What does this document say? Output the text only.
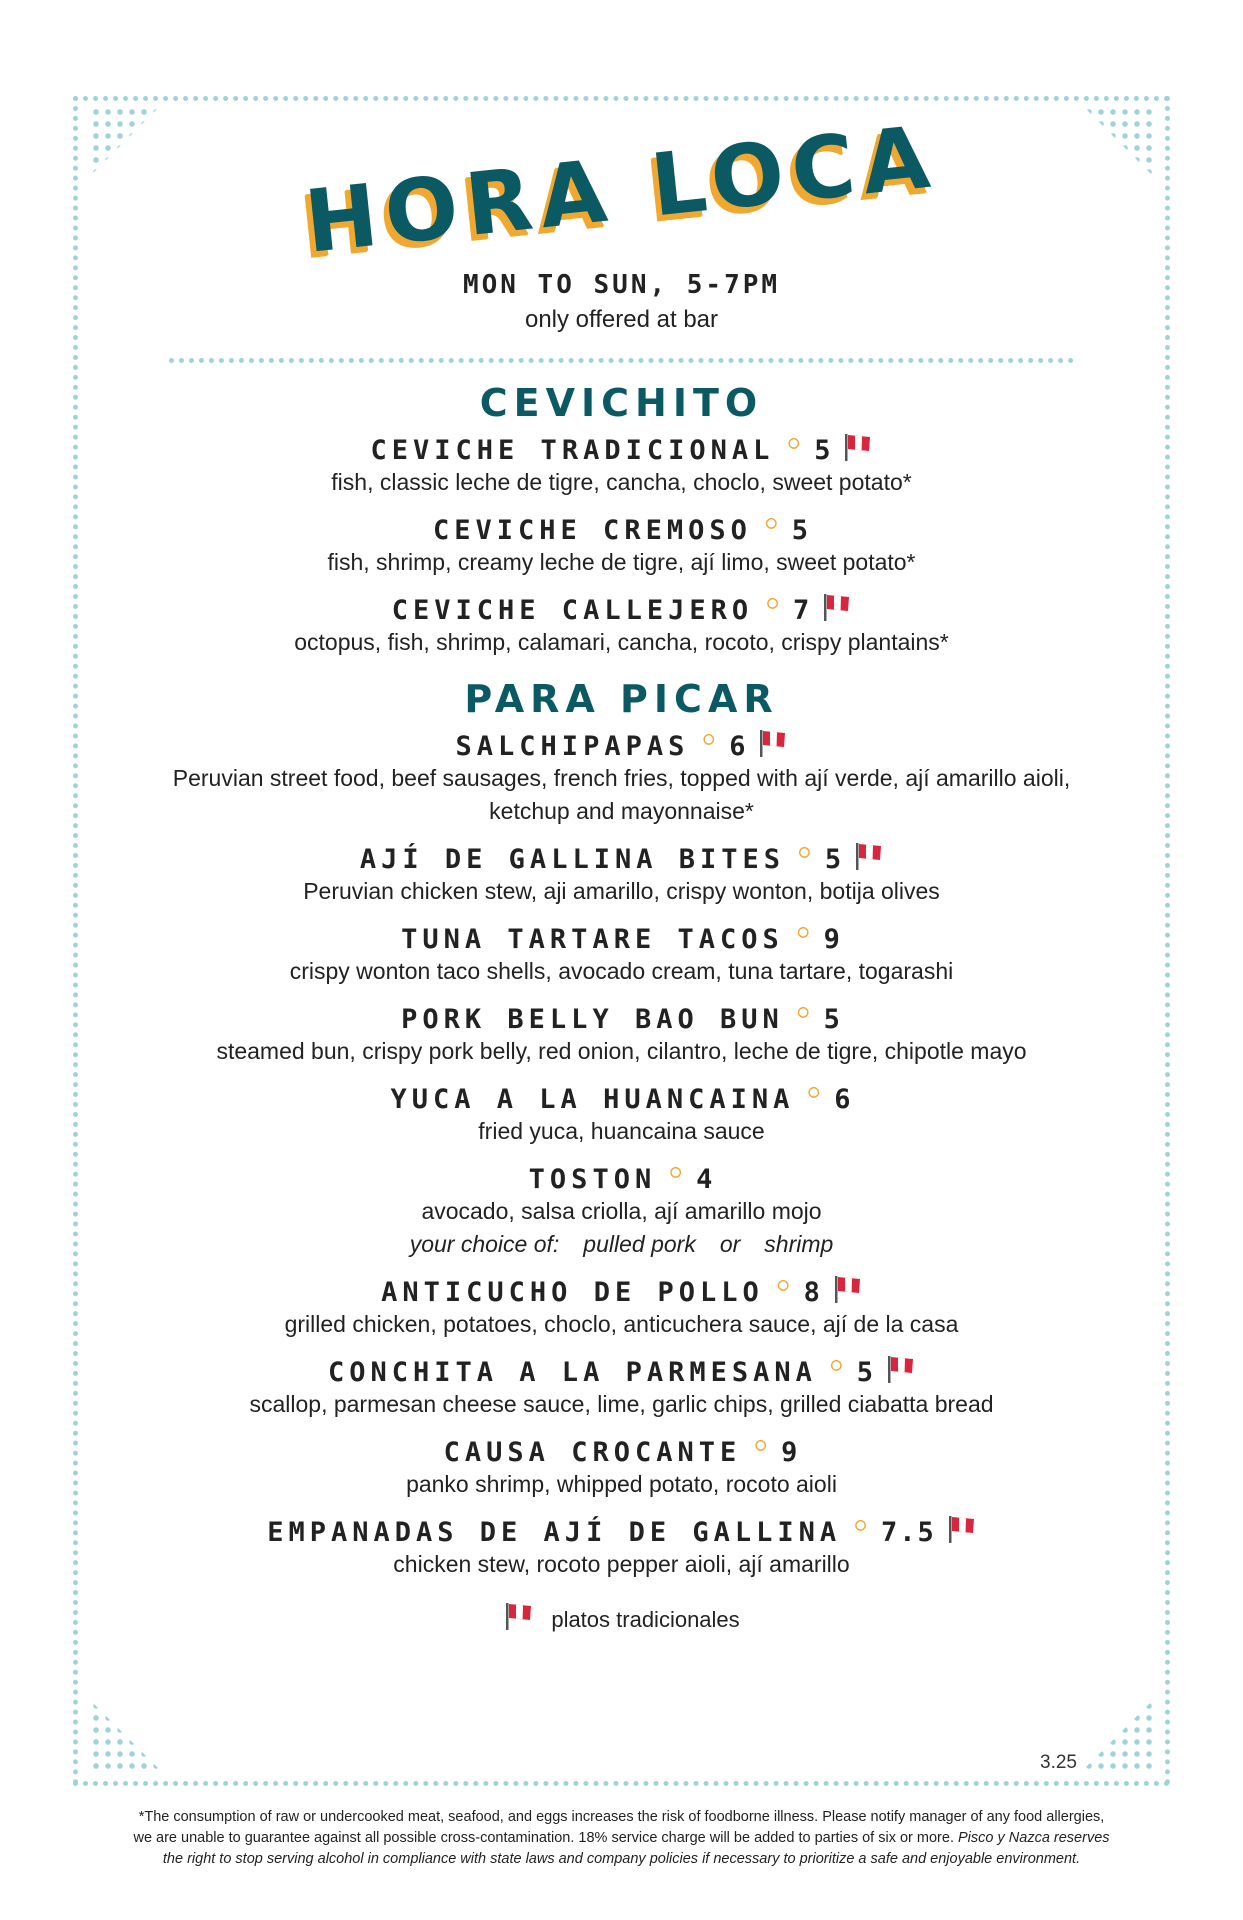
HORA LOCA
MON TO SUN, 5-7PM
only offered at bar
CEVICHITO
CEVICHE TRADICIONAL ○ 5
fish, classic leche de tigre, cancha, choclo, sweet potato*
CEVICHE CREMOSO ○ 5
fish, shrimp, creamy leche de tigre, ají limo, sweet potato*
CEVICHE CALLEJERO ○ 7
octopus, fish, shrimp, calamari, cancha, rocoto, crispy plantains*
PARA PICAR
SALCHIPAPAS ○ 6
Peruvian street food, beef sausages, french fries, topped with ají verde, ají amarillo aioli, ketchup and mayonnaise*
AJÍ DE GALLINA BITES ○ 5
Peruvian chicken stew, aji amarillo, crispy wonton, botija olives
TUNA TARTARE TACOS ○ 9
crispy wonton taco shells, avocado cream, tuna tartare, togarashi
PORK BELLY BAO BUN ○ 5
steamed bun, crispy pork belly, red onion, cilantro, leche de tigre, chipotle mayo
YUCA A LA HUANCAINA ○ 6
fried yuca, huancaina sauce
TOSTON ○ 4
avocado, salsa criolla, ají amarillo mojo
your choice of: pulled pork or shrimp
ANTICUCHO DE POLLO ○ 8
grilled chicken, potatoes, choclo, anticuchera sauce, ají de la casa
CONCHITA A LA PARMESANA ○ 5
scallop, parmesan cheese sauce, lime, garlic chips, grilled ciabatta bread
CAUSA CROCANTE ○ 9
panko shrimp, whipped potato, rocoto aioli
EMPANADAS DE AJÍ DE GALLINA ○ 7.5
chicken stew, rocoto pepper aioli, ají amarillo
platos tradicionales
3.25
*The consumption of raw or undercooked meat, seafood, and eggs increases the risk of foodborne illness. Please notify manager of any food allergies,
we are unable to guarantee against all possible cross-contamination. 18% service charge will be added to parties of six or more. Pisco y Nazca reserves
the right to stop serving alcohol in compliance with state laws and company policies if necessary to prioritize a safe and enjoyable environment.
